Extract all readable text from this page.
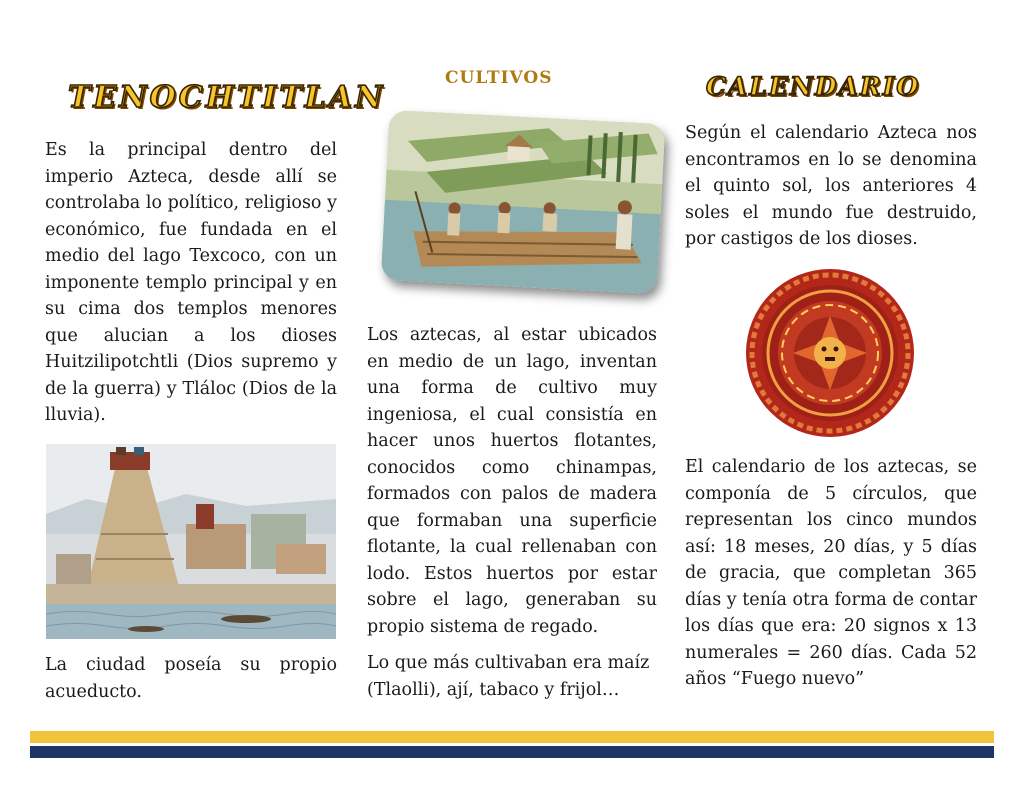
TENOCHTITLAN

Es la principal dentro del imperio Azteca, desde allí se controlaba lo político, religioso y económico, fue fundada en el medio del lago Texcoco, con un imponente templo principal y en su cima dos templos menores que alucian a los dioses Huitzilipotchtli (Dios supremo y de la guerra) y Tláloc (Dios de la lluvia).

La ciudad poseía su propio acueducto.

CULTIVOS

Los aztecas, al estar ubicados en medio de un lago, inventan una forma de cultivo muy ingeniosa, el cual consistía en hacer unos huertos flotantes, conocidos como chinampas, formados con palos de madera que formaban una superficie flotante, la cual rellenaban con lodo. Estos huertos por estar sobre el lago, generaban su propio sistema de regado.

Lo que más cultivaban era maíz (Tlaolli), ají, tabaco y frijol…

CALENDARIO

Según el calendario Azteca nos encontramos en lo se denomina el quinto sol, los anteriores 4 soles el mundo fue destruido, por castigos de los dioses.

El calendario de los aztecas, se componía de 5 círculos, que representan los cinco mundos así: 18 meses, 20 días, y 5 días de gracia, que completan 365 días y tenía otra forma de contar los días que era: 20 signos x 13 numerales = 260 días. Cada 52 años “Fuego nuevo”
